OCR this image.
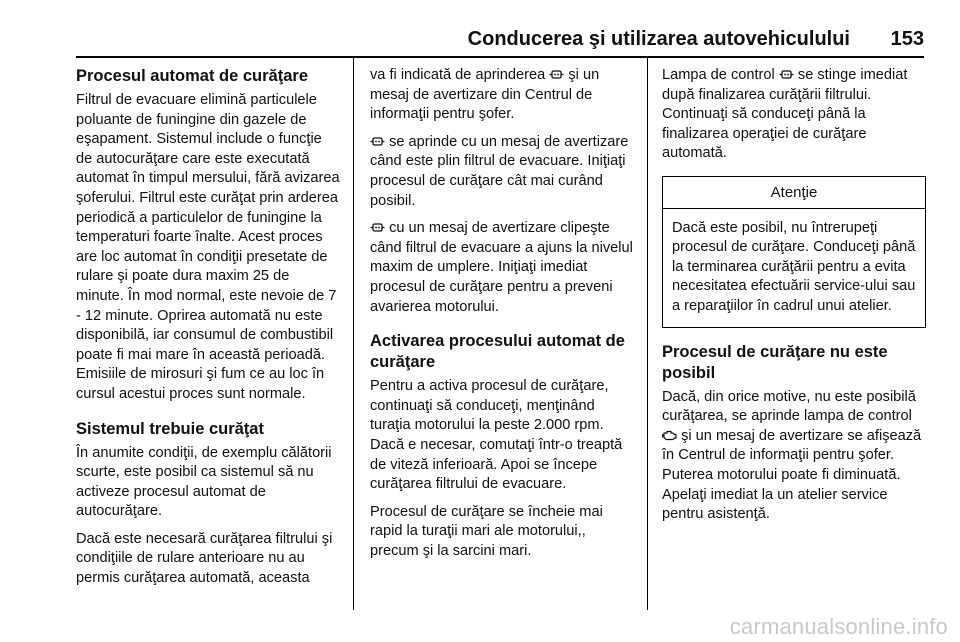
Conducerea şi utilizarea autovehiculului 153
Procesul automat de curăţare

Filtrul de evacuare elimină particulele poluante de funingine din gazele de eşapament. Sistemul include o funcţie de autocurăţare care este executată automat în timpul mersului, fără avizarea şoferului. Filtrul este curăţat prin arderea periodică a particulelor de funingine la temperaturi foarte înalte. Acest proces are loc automat în condiţii presetate de rulare şi poate dura maxim 25 de minute. În mod normal, este nevoie de 7 - 12 minute. Oprirea automată nu este disponibilă, iar consumul de combustibil poate fi mai mare în această perioadă. Emisiile de mirosuri şi fum ce au loc în cursul acestui proces sunt normale.

Sistemul trebuie curăţat

În anumite condiţii, de exemplu călătorii scurte, este posibil ca sistemul să nu activeze procesul automat de autocurăţare.

Dacă este necesară curăţarea filtrului şi condiţiile de rulare anterioare nu au permis curăţarea automată, aceasta

va fi indicată de aprinderea şi un mesaj de avertizare din Centrul de informaţii pentru şofer.

se aprinde cu un mesaj de avertizare când este plin filtrul de evacuare. Iniţiaţi procesul de curăţare cât mai curând posibil.

cu un mesaj de avertizare clipeşte când filtrul de evacuare a ajuns la nivelul maxim de umplere. Iniţiaţi imediat procesul de curăţare pentru a preveni avarierea motorului.

Activarea procesului automat de curăţare

Pentru a activa procesul de curăţare, continuaţi să conduceţi, menţinând turaţia motorului la peste 2.000 rpm. Dacă e necesar, comutaţi într-o treaptă de viteză inferioară. Apoi se începe curăţarea filtrului de evacuare.

Procesul de curăţare se încheie mai rapid la turaţii mari ale motorului,, precum şi la sarcini mari.

Lampa de control se stinge imediat după finalizarea curăţării filtrului. Continuaţi să conduceţi până la finalizarea operaţiei de curăţare automată.

Atenţie
Dacă este posibil, nu întrerupeţi procesul de curăţare. Conduceţi până la terminarea curăţării pentru a evita necesitatea efectuării service-ului sau a reparaţiilor în cadrul unui atelier.
Procesul de curăţare nu este posibil

Dacă, din orice motive, nu este posibilă curăţarea, se aprinde lampa de control
şi un mesaj de avertizare se afişează în Centrul de informaţii pentru şofer. Puterea motorului poate fi diminuată. Apelaţi imediat la un atelier service pentru asistenţă.

carmanualsonline.info
